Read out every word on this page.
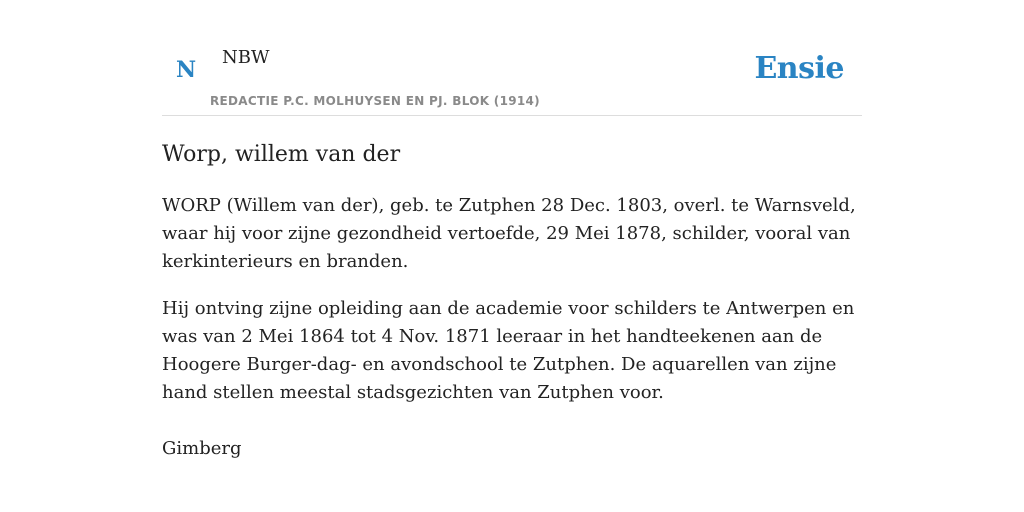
N NBW	Ensie
REDACTIE P.C. MOLHUYSEN EN PJ. BLOK (1914)
Worp, willem van der

WORP (Willem van der), geb. te Zutphen 28 Dec. 1803, overl. te Warnsveld, waar hij voor zijne gezondheid vertoefde, 29 Mei 1878, schilder, vooral van kerkinterieurs en branden.

Hij ontving zijne opleiding aan de academie voor schilders te Antwerpen en was van 2 Mei 1864 tot 4 Nov. 1871 leeraar in het handteekenen aan de Hoogere Burger-dag- en avondschool te Zutphen. De aquarellen van zijne hand stellen meestal stadsgezichten van Zutphen voor.

Gimberg
